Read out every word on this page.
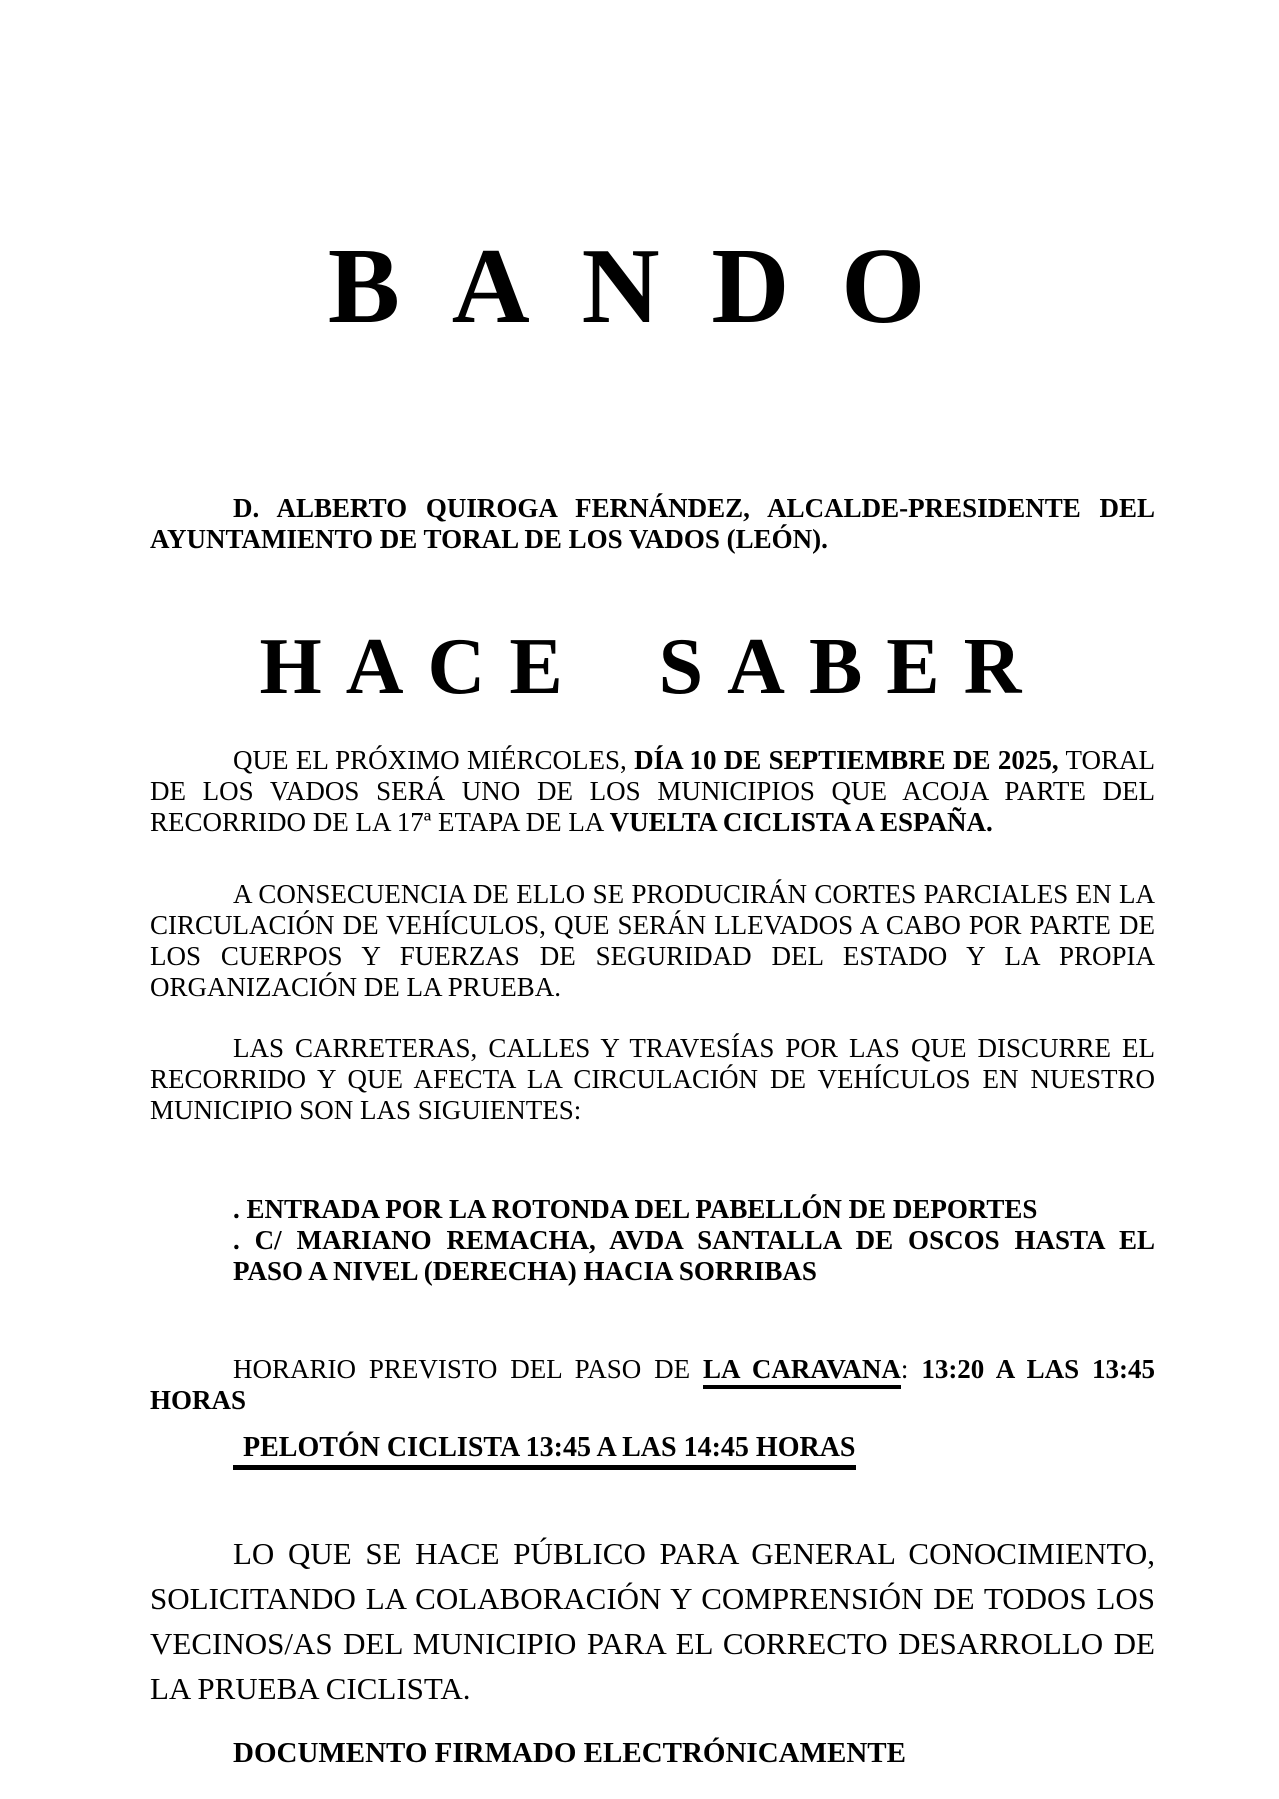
BANDO
D. ALBERTO QUIROGA FERNÁNDEZ, ALCALDE-PRESIDENTE DEL AYUNTAMIENTO DE TORAL DE LOS VADOS (LEÓN).
HACE SABER
QUE EL PRÓXIMO MIÉRCOLES, DÍA 10 DE SEPTIEMBRE DE 2025, TORAL DE LOS VADOS SERÁ UNO DE LOS MUNICIPIOS QUE ACOJA PARTE DEL RECORRIDO DE LA 17ª ETAPA DE LA VUELTA CICLISTA A ESPAÑA.
A CONSECUENCIA DE ELLO SE PRODUCIRÁN CORTES PARCIALES EN LA CIRCULACIÓN DE VEHÍCULOS, QUE SERÁN LLEVADOS A CABO POR PARTE DE LOS CUERPOS Y FUERZAS DE SEGURIDAD DEL ESTADO Y LA PROPIA ORGANIZACIÓN DE LA PRUEBA.
LAS CARRETERAS, CALLES Y TRAVESÍAS POR LAS QUE DISCURRE EL RECORRIDO Y QUE AFECTA LA CIRCULACIÓN DE VEHÍCULOS EN NUESTRO MUNICIPIO SON LAS SIGUIENTES:
. ENTRADA POR LA ROTONDA DEL PABELLÓN DE DEPORTES
. C/ MARIANO REMACHA, AVDA SANTALLA DE OSCOS HASTA EL PASO A NIVEL (DERECHA) HACIA SORRIBAS
HORARIO PREVISTO DEL PASO DE LA CARAVANA: 13:20 A LAS 13:45 HORAS
PELOTÓN CICLISTA 13:45 A LAS 14:45 HORAS
LO QUE SE HACE PÚBLICO PARA GENERAL CONOCIMIENTO, SOLICITANDO LA COLABORACIÓN Y COMPRENSIÓN DE TODOS LOS VECINOS/AS DEL MUNICIPIO PARA EL CORRECTO DESARROLLO DE LA PRUEBA CICLISTA.
DOCUMENTO FIRMADO ELECTRÓNICAMENTE
